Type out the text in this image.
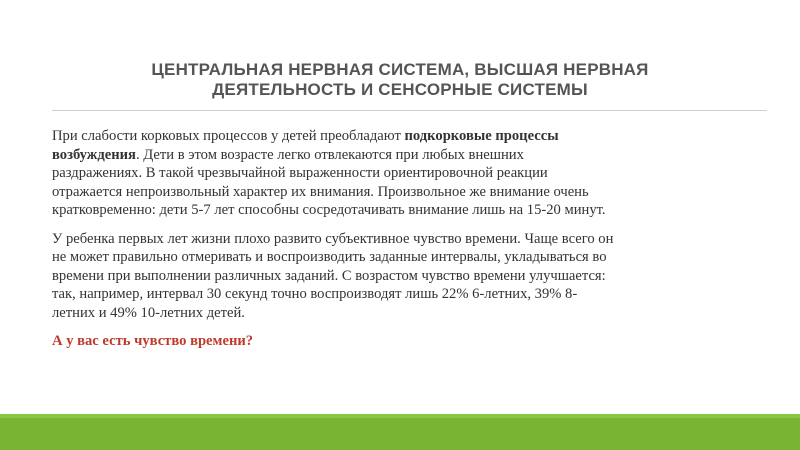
ЦЕНТРАЛЬНАЯ НЕРВНАЯ СИСТЕМА, ВЫСШАЯ НЕРВНАЯ
ДЕЯТЕЛЬНОСТЬ И СЕНСОРНЫЕ СИСТЕМЫ
При слабости корковых процессов у детей преобладают подкорковые процессы
возбуждения. Дети в этом возрасте легко отвлекаются при любых внешних
раздражениях. В такой чрезвычайной выраженности ориентировочной реакции
отражается непроизвольный характер их внимания. Произвольное же внимание очень
кратковременно: дети 5-7 лет способны сосредотачивать внимание лишь на 15-20 минут.
У ребенка первых лет жизни плохо развито субъективное чувство времени. Чаще всего он
не может правильно отмеривать и воспроизводить заданные интервалы, укладываться во
времени при выполнении различных заданий. С возрастом чувство времени улучшается:
так, например, интервал 30 секунд точно воспроизводят лишь 22% 6-летних, 39% 8-
летних и 49% 10-летних детей.
А у вас есть чувство времени?
